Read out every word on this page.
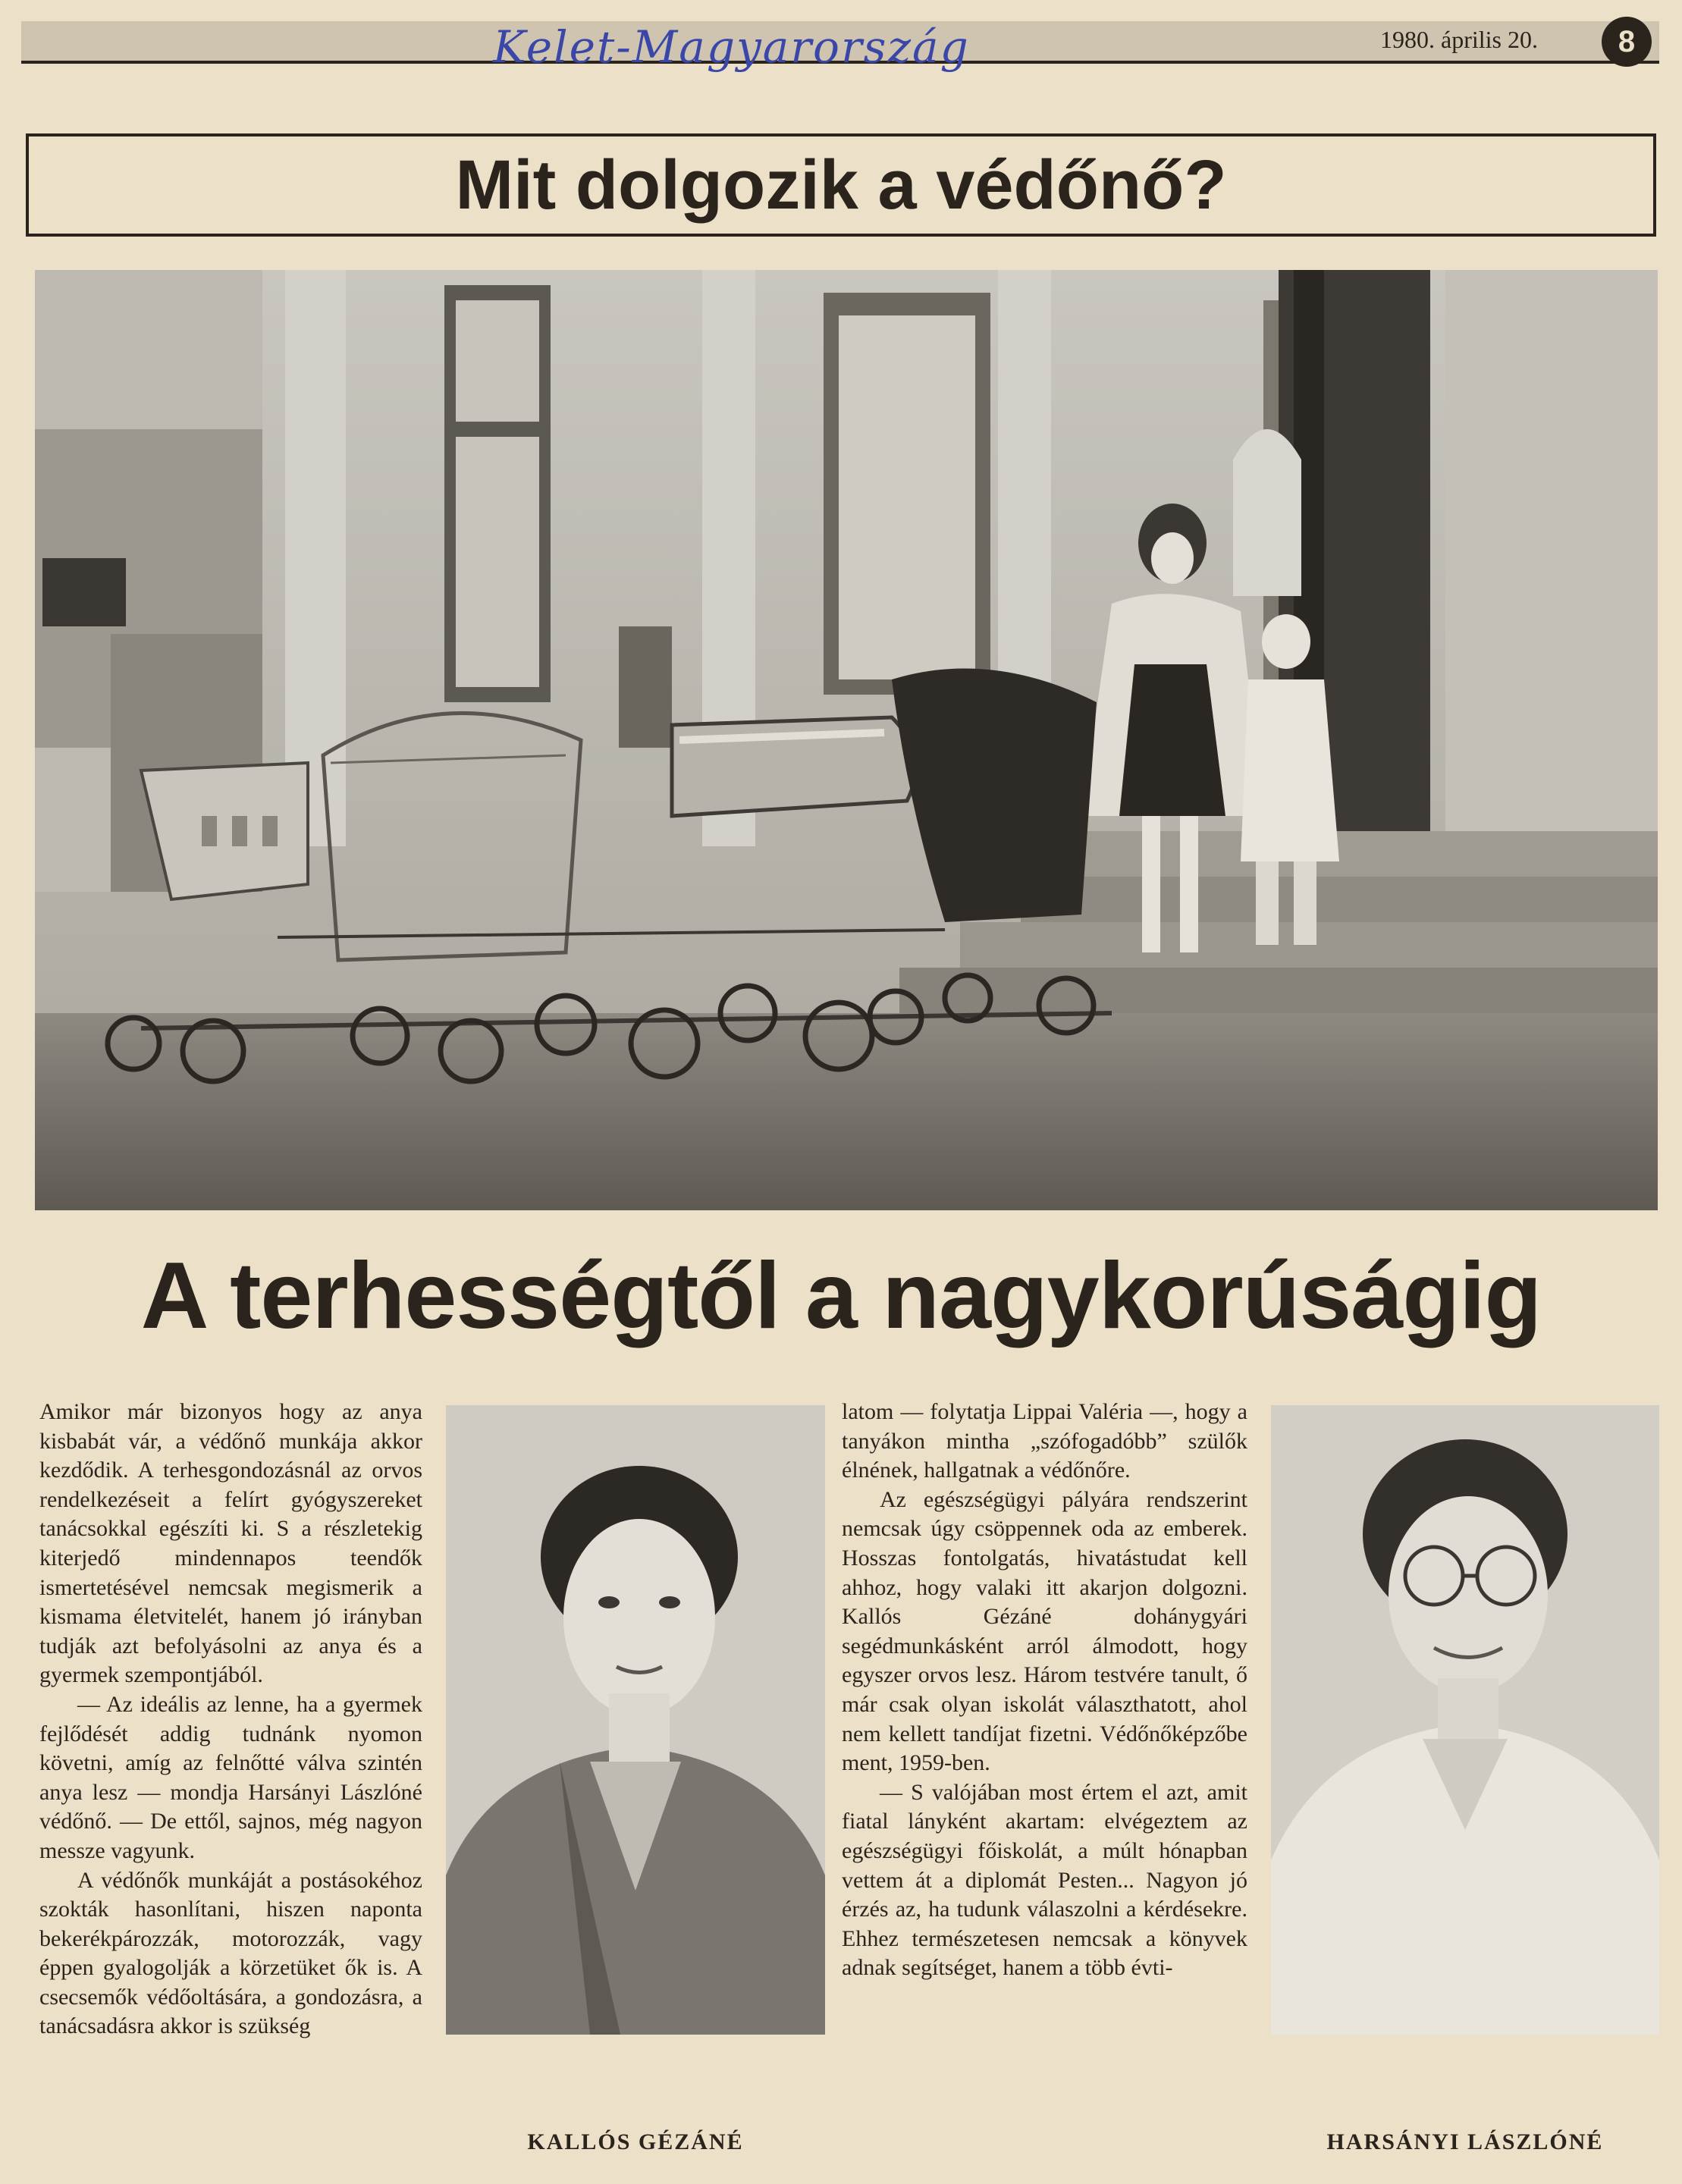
Kelet-Magyarország	1980. április 20.	8
Mit dolgozik a védőnő?
A terhességtől a nagykorúságig

Amikor már bizonyos hogy az anya kisbabát vár, a védőnő munkája akkor kezdődik. A terhesgondozásnál az orvos rendelkezéseit a felírt gyógyszereket tanácsokkal egészíti ki. S a részletekig kiterjedő mindennapos teendők ismertetésével nemcsak megismerik a kismama életvitelét, hanem jó irányban tudják azt befolyásolni az anya és a gyermek szempontjából.

— Az ideális az lenne, ha a gyermek fejlődését addig tudnánk nyomon követni, amíg az felnőtté válva szintén anya lesz — mondja Harsányi Lászlóné védőnő. — De ettől, sajnos, még nagyon messze vagyunk.

A védőnők munkáját a postásokéhoz szokták hasonlítani, hiszen naponta bekerékpározzák, motorozzák, vagy éppen gyalogolják a körzetüket ők is. A csecsemők védőoltására, a gondozásra, a tanácsadásra akkor is szükség

KALLÓS GÉZÁNÉ

latom — folytatja Lippai Valéria —, hogy a tanyákon mintha „szófogadóbb” szülők élnének, hallgatnak a védőnőre.

Az egészségügyi pályára rendszerint nemcsak úgy csöppennek oda az emberek. Hosszas fontolgatás, hivatástudat kell ahhoz, hogy valaki itt akarjon dolgozni. Kallós Gézáné dohánygyári segédmunkásként arról álmodott, hogy egyszer orvos lesz. Három testvére tanult, ő már csak olyan iskolát választhatott, ahol nem kellett tandíjat fizetni. Védőnőképzőbe ment, 1959-ben.

— S valójában most értem el azt, amit fiatal lányként akartam: elvégeztem az egészségügyi főiskolát, a múlt hónapban vettem át a diplomát Pesten... Nagyon jó érzés az, ha tudunk válaszolni a kérdésekre. Ehhez természetesen nemcsak a könyvek adnak segítséget, hanem a több évti-

HARSÁNYI LÁSZLÓNÉ
